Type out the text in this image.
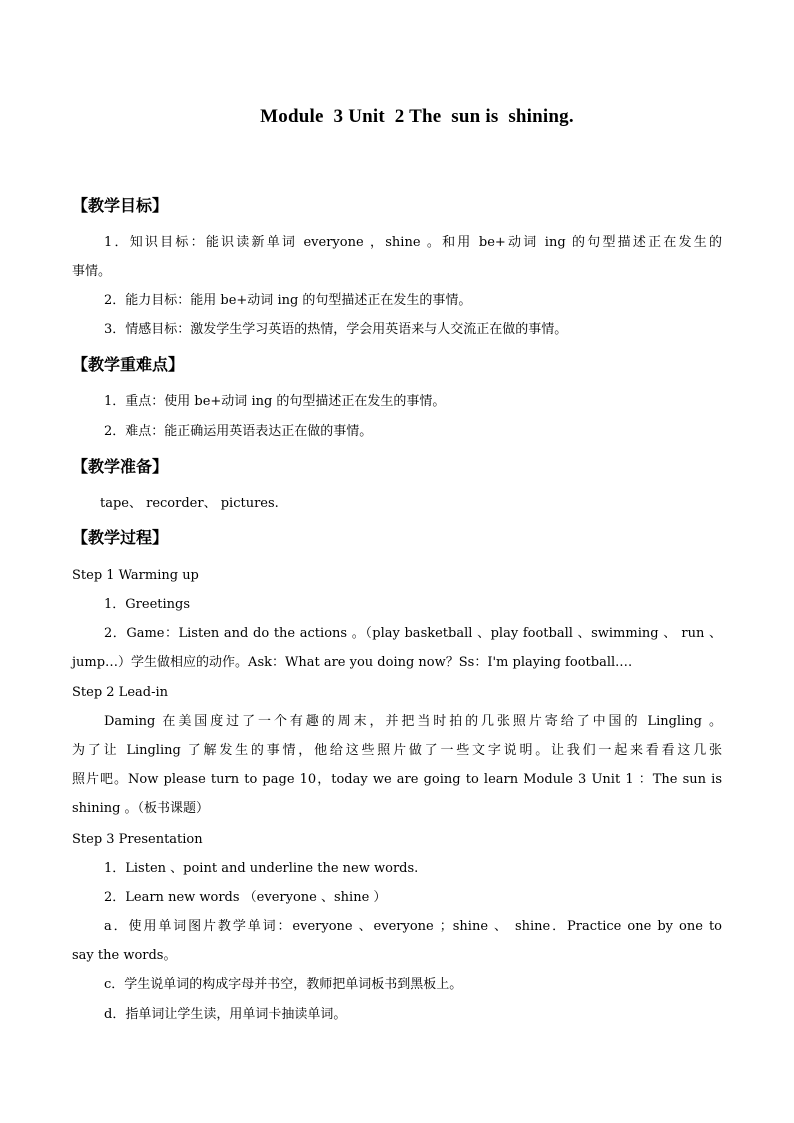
Module  3 Unit  2 The  sun is  shining.
【教学目标】
1．知识目标：能识读新单词 everyone ，shine 。和用 be+动词 ing 的句型描述正在发生的
事情。
2．能力目标：能用 be+动词 ing 的句型描述正在发生的事情。
3．情感目标：激发学生学习英语的热情，学会用英语来与人交流正在做的事情。
【教学重难点】
1．重点：使用 be+动词 ing 的句型描述正在发生的事情。
2．难点：能正确运用英语表达正在做的事情。
【教学准备】
tape、 recorder、 pictures.
【教学过程】
Step 1 Warming up
1．Greetings
2．Game：Listen and do the actions 。（play basketball 、play football 、swimming 、 run 、
jump…）学生做相应的动作。Ask：What are you doing now？Ss：I'm playing football.…
Step 2 Lead-in
Daming 在美国度过了一个有趣的周末，并把当时拍的几张照片寄给了中国的 Lingling 。
为了让 Lingling 了解发生的事情，他给这些照片做了一些文字说明。让我们一起来看看这几张
照片吧。Now please turn to page 10，today we are going to learn Module 3 Unit 1 ：The sun is
shining 。（板书课题）
Step 3 Presentation
1．Listen 、point and underline the new words.
2．Learn new words （everyone 、shine ）
a．使用单词图片教学单词：everyone 、everyone ；shine 、 shine．Practice one by one to
say the words。
c．学生说单词的构成字母并书空，教师把单词板书到黑板上。
d．指单词让学生读，用单词卡抽读单词。
